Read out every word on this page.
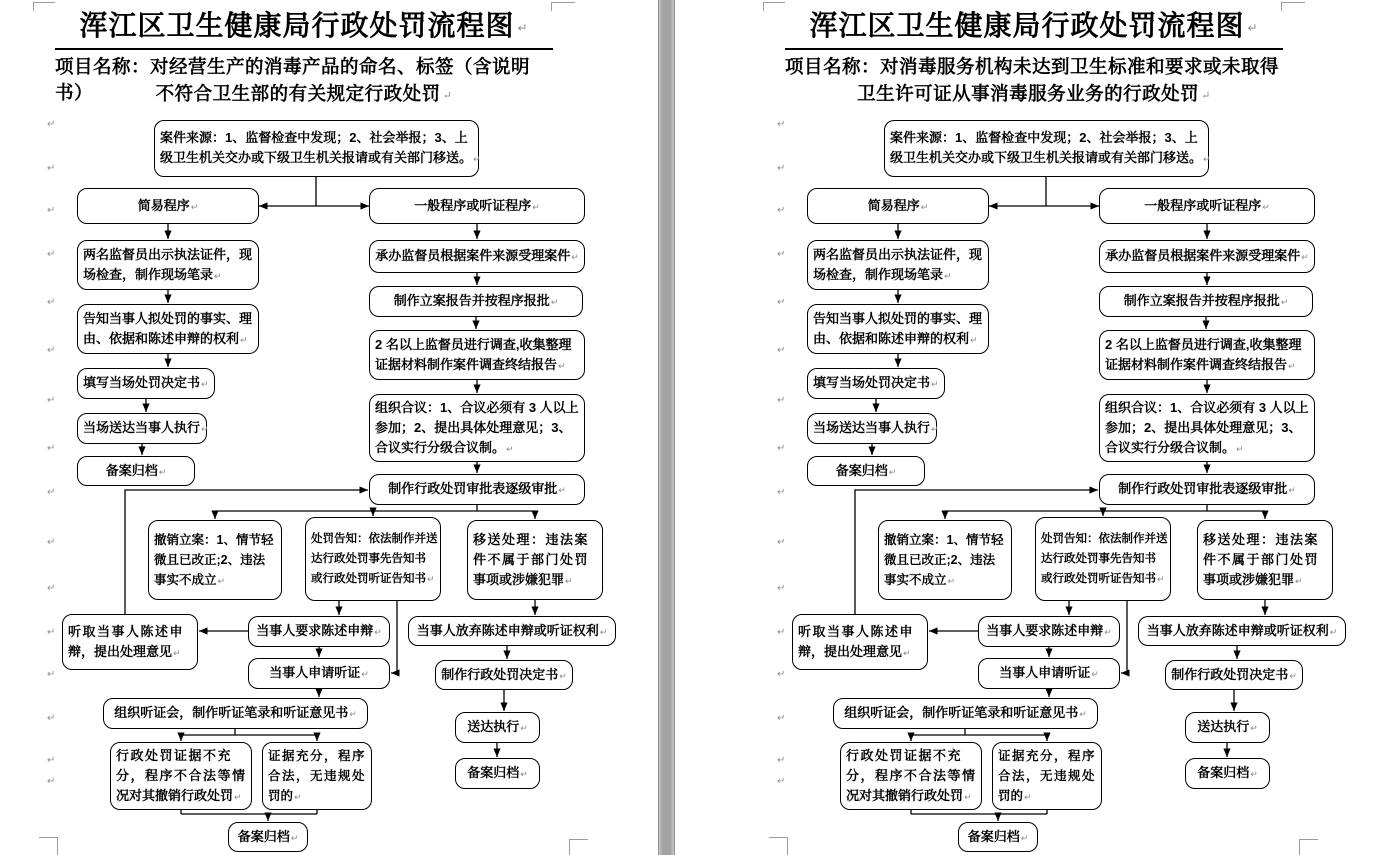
浑江区卫生健康局行政处罚流程图 ↵

项目名称：对经营生产的消毒产品的命名、标签（含说明书）	不符合卫生部的有关规定行政处罚 ↵

案件来源：1、监督检查中发现；2、社会举报；3、上
级卫生机关交办或下级卫生机关报请或有关部门移送。 ↵
简易程序 ↵	一般程序或听证程序 ↵
两名监督员出示执法证件，现
场检查，制作现场笔录 ↵
告知当事人拟处罚的事实、理
由、依据和陈述申辩的权利 ↵
填写当场处罚决定书 ↵
当场送达当事人执行 ↵
备案归档 ↵
承办监督员根据案件来源受理案件 ↵
制作立案报告并按程序报批 ↵
2 名以上监督员进行调查,收集整理
证据材料制作案件调查终结报告 ↵
组织合议：1、合议必须有 3 人以上
参加；2、提出具体处理意见；3、
合议实行分级合议制。 ↵
制作行政处罚审批表逐级审批 ↵
撤销立案：1、情节轻
微且已改正;2、违法
事实不成立 ↵
处罚告知：依法制作并送
达行政处罚事先告知书
或行政处罚听证告知书 ↵
移送处理：违法案
件不属于部门处罚
事项或涉嫌犯罪 ↵
听取当事人陈述申
辩，提出处理意见 ↵
当事人要求陈述申辩 ↵	当事人放弃陈述申辩或听证权利 ↵
当事人申请听证 ↵	制作行政处罚决定书 ↵
组织听证会，制作听证笔录和听证意见书 ↵
送达执行 ↵
行政处罚证据不充
分，程序不合法等情
况对其撤销行政处罚 ↵
证据充分，程序
合法，无违规处
罚的 ↵
备案归档 ↵
备案归档 ↵
↵
↵
↵
↵
↵
↵
↵
↵
↵
↵
↵
↵
↵
↵
↵
↵
浑江区卫生健康局行政处罚流程图 ↵

项目名称：对消毒服务机构未达到卫生标准和要求或未取得

卫生许可证从事消毒服务业务的行政处罚 ↵

案件来源：1、监督检查中发现；2、社会举报；3、上
级卫生机关交办或下级卫生机关报请或有关部门移送。 ↵
简易程序 ↵	一般程序或听证程序 ↵
两名监督员出示执法证件，现
场检查，制作现场笔录 ↵
告知当事人拟处罚的事实、理
由、依据和陈述申辩的权利 ↵
填写当场处罚决定书 ↵
当场送达当事人执行 ↵
备案归档 ↵
承办监督员根据案件来源受理案件 ↵
制作立案报告并按程序报批 ↵
2 名以上监督员进行调查,收集整理
证据材料制作案件调查终结报告 ↵
组织合议：1、合议必须有 3 人以上
参加；2、提出具体处理意见；3、
合议实行分级合议制。 ↵
制作行政处罚审批表逐级审批 ↵
撤销立案：1、情节轻
微且已改正;2、违法
事实不成立 ↵
处罚告知：依法制作并送
达行政处罚事先告知书
或行政处罚听证告知书 ↵
移送处理：违法案
件不属于部门处罚
事项或涉嫌犯罪 ↵
听取当事人陈述申
辩，提出处理意见 ↵
当事人要求陈述申辩 ↵	当事人放弃陈述申辩或听证权利 ↵
当事人申请听证 ↵	制作行政处罚决定书 ↵
组织听证会，制作听证笔录和听证意见书 ↵
送达执行 ↵
行政处罚证据不充
分，程序不合法等情
况对其撤销行政处罚 ↵
证据充分，程序
合法，无违规处
罚的 ↵
备案归档 ↵
备案归档 ↵
↵
↵
↵
↵
↵
↵
↵
↵
↵
↵
↵
↵
↵
↵
↵
↵
